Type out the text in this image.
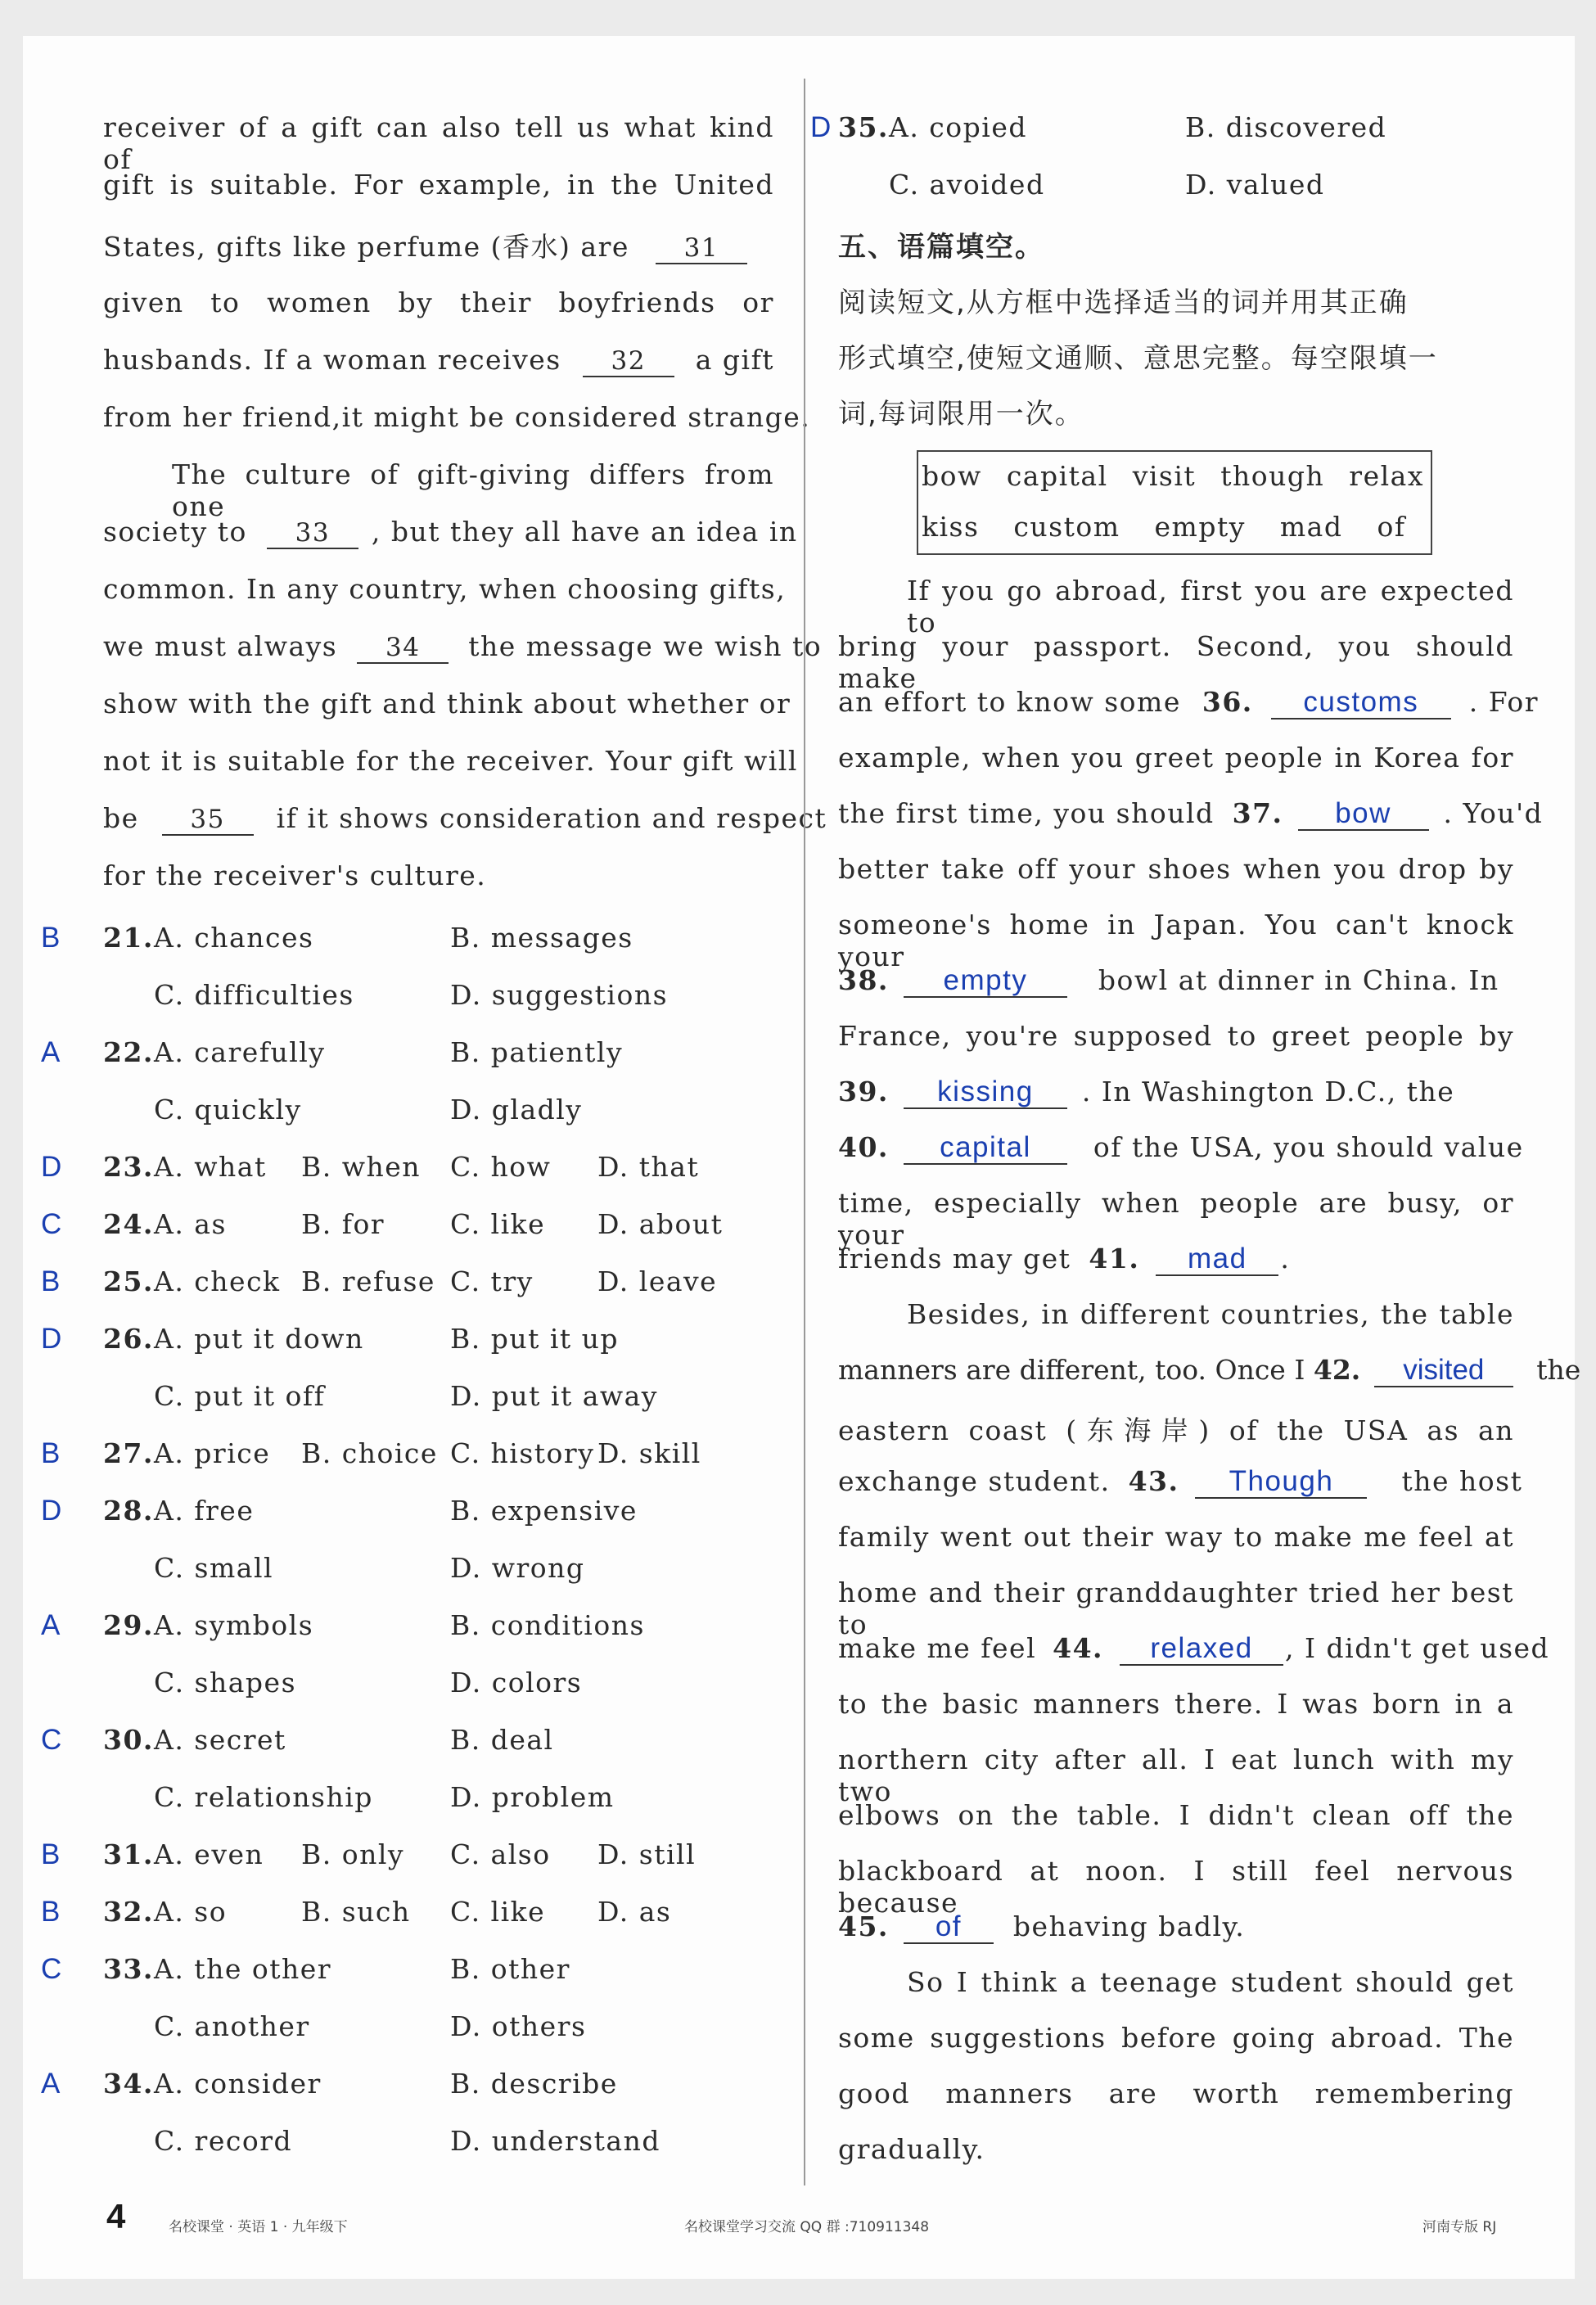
receiver of a gift can also tell us what kind of
gift is suitable. For example, in the United
States, gifts like perfume (香水) are 31
given to women by their boyfriends or
husbands. If a woman receives 32 a gift
from her friend,it might be considered strange.
The culture of gift-giving differs from one
society to 33 , but they all have an idea in
common. In any country, when choosing gifts,
we must always 34 the message we wish to
show with the gift and think about whether or
not it is suitable for the receiver. Your gift will
be 35 if it shows consideration and respect
for the receiver's culture.
B 21. A. chances	B. messages
C. difficulties	D. suggestions
A 22. A. carefully	B. patiently
C. quickly	D. gladly
D 23. A. what B. when C. how D. that
C 24. A. as	B. for C. like D. about
B 25. A. check B. refuse C. try D. leave
D 26. A. put it down	B. put it up
C. put it off	D. put it away
B 27. A. price B. choice C. history D. skill
D 28. A. free	B. expensive
C. small	D. wrong
A 29. A. symbols	B. conditions
C. shapes	D. colors
C 30. A. secret	B. deal
C. relationship	D. problem
B 31. A. even B. only C. also D. still
B 32. A. so	B. such C. like D. as
C 33. A. the other	B. other
C. another	D. others
A 34. A. consider	B. describe
C. record	D. understand
D 35. A. copied	B. discovered
C. avoided	D. valued
五、语篇填空。
阅读短文,从方框中选择适当的词并用其正确
形式填空,使短文通顺、意思完整。每空限填一
词,每词限用一次。
bow capital visit though relax
kiss custom empty mad of
If you go abroad, first you are expected to
bring your passport. Second, you should make
an effort to know some 36. customs . For
example, when you greet people in Korea for
the first time, you should 37. bow . You'd
better take off your shoes when you drop by
someone's home in Japan. You can't knock your
38. empty	bowl at dinner in China. In
France, you're supposed to greet people by
39. kissing . In Washington D.C., the
40. capital of the USA, you should value
time, especially when people are busy, or your
friends may get 41. mad .
Besides, in different countries, the table
manners are different, too. Once I 42. visited the
eastern coast (东海岸) of the USA as an
exchange student. 43. Though	the host
family went out their way to make me feel at
home and their granddaughter tried her best to
make me feel 44. relaxed , I didn't get used
to the basic manners there. I was born in a
northern city after all. I eat lunch with my two
elbows on the table. I didn't clean off the
blackboard at noon. I still feel nervous because
45. of behaving badly.
So I think a teenage student should get
some suggestions before going abroad. The
good manners are worth remembering
gradually.
4	名校课堂 · 英语 1 · 九年级下	名校课堂学习交流 QQ 群 :710911348	河南专版 RJ
